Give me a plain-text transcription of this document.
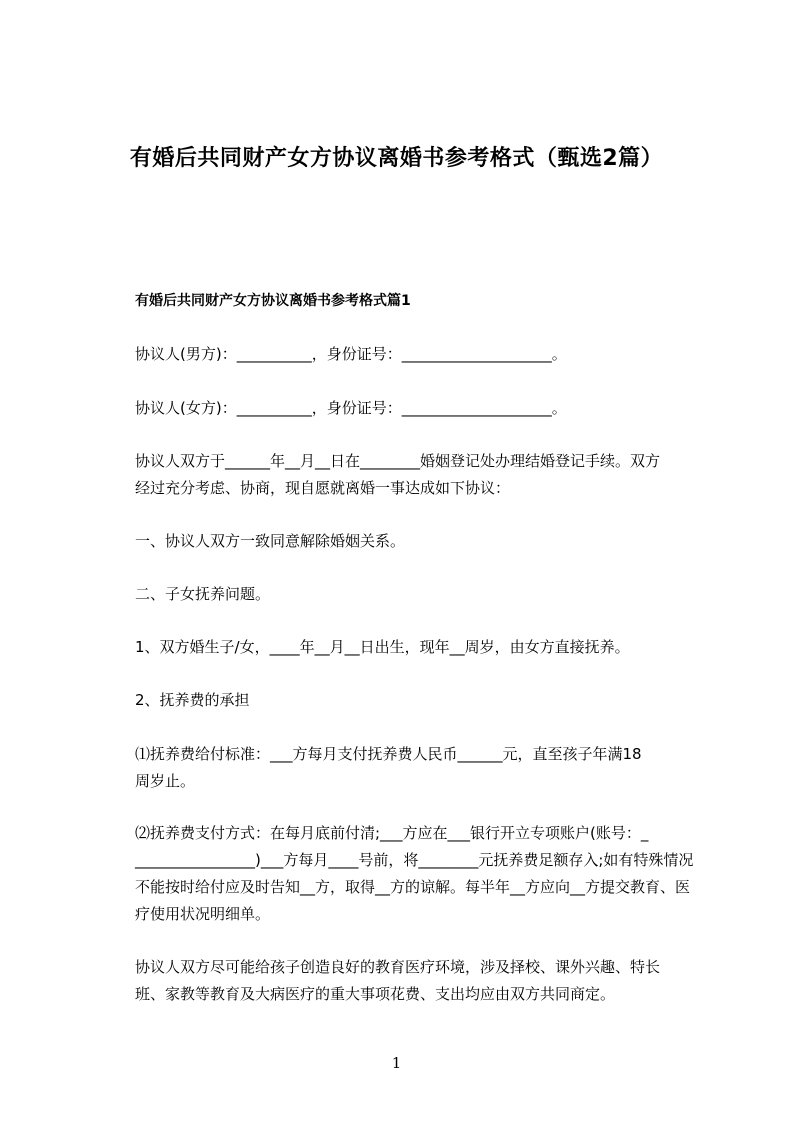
有婚后共同财产女方协议离婚书参考格式（甄选2篇）
有婚后共同财产女方协议离婚书参考格式篇1
协议人(男方)：__________，身份证号：____________________。
协议人(女方)：__________，身份证号：____________________。
协议人双方于______年__月__日在________婚姻登记处办理结婚登记手续。双方
经过充分考虑、协商，现自愿就离婚一事达成如下协议：
一、协议人双方一致同意解除婚姻关系。
二、子女抚养问题。
1、双方婚生子/女，____年__月__日出生，现年__周岁，由女方直接抚养。
2、抚养费的承担
⑴抚养费给付标准：___方每月支付抚养费人民币______元，直至孩子年满18
周岁止。
⑵抚养费支付方式：在每月底前付清;___方应在___银行开立专项账户(账号：_
________________)___方每月____号前，将________元抚养费足额存入;如有特殊情况
不能按时给付应及时告知__方，取得__方的谅解。每半年__方应向__方提交教育、医
疗使用状况明细单。
协议人双方尽可能给孩子创造良好的教育医疗环境，涉及择校、课外兴趣、特长
班、家教等教育及大病医疗的重大事项花费、支出均应由双方共同商定。
1
